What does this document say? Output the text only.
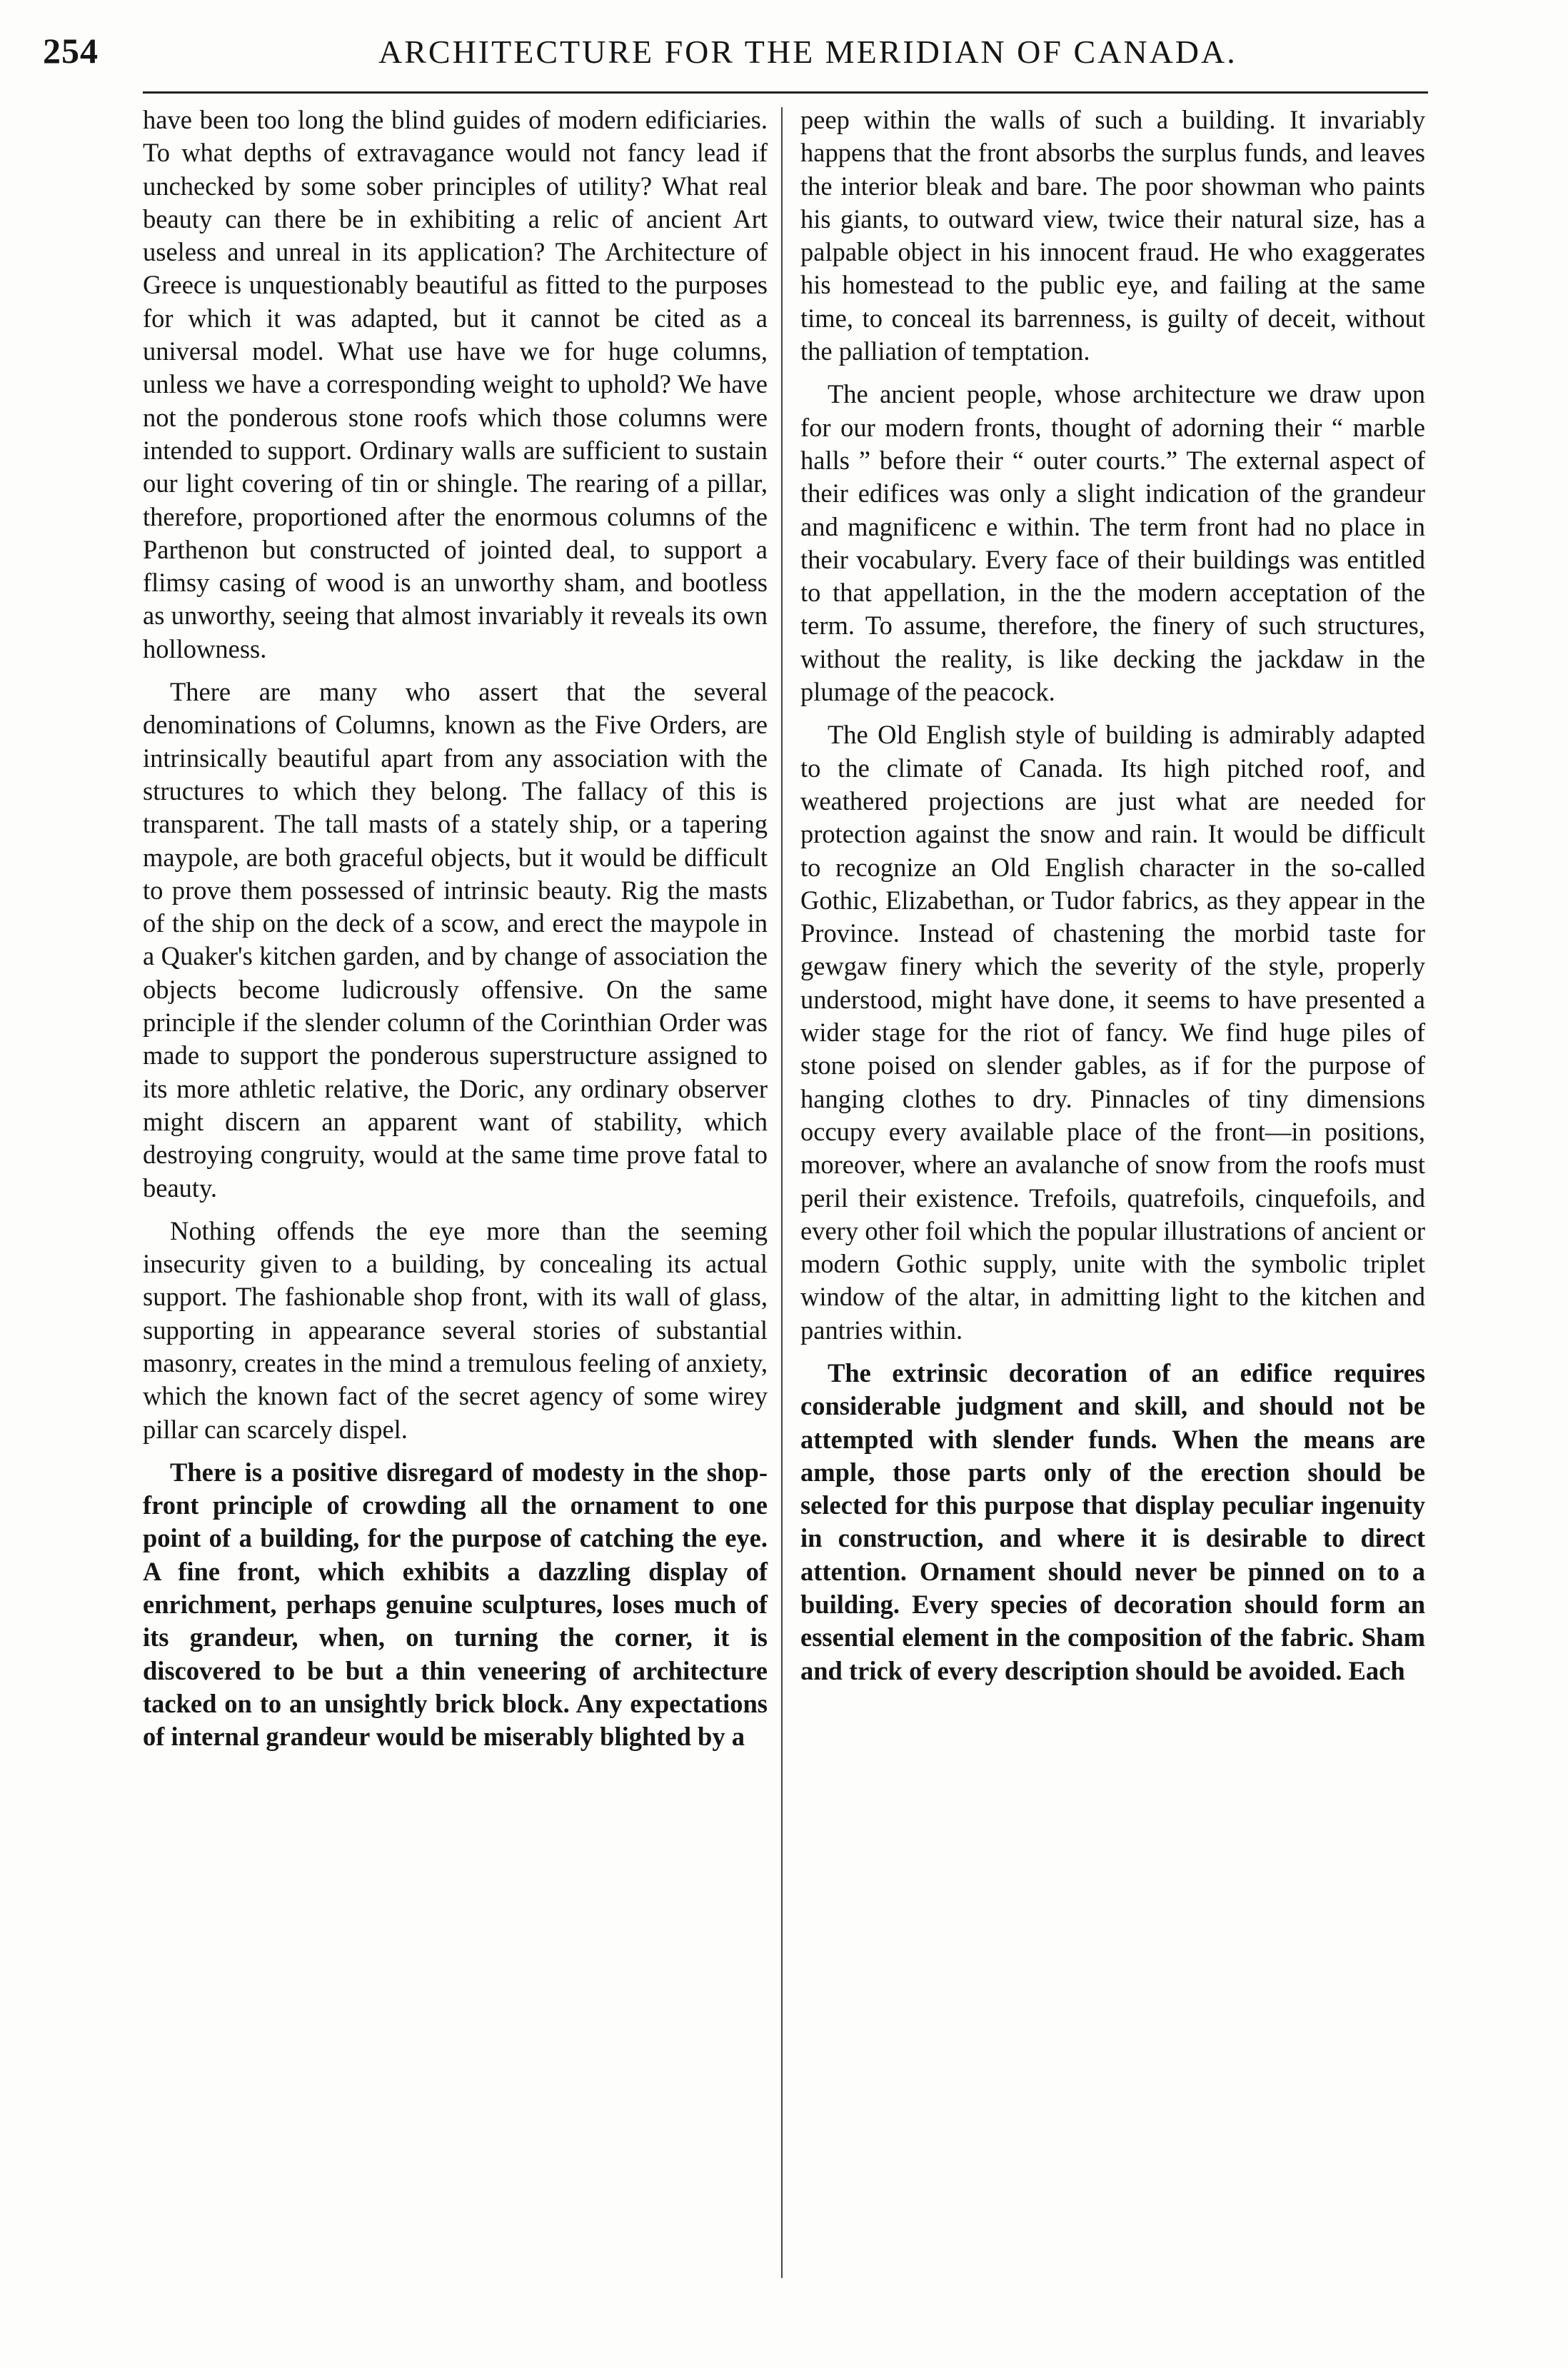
254	ARCHITECTURE FOR THE MERIDIAN OF CANADA.

have been too long the blind guides of modern edificiaries. To what depths of extravagance would not fancy lead if unchecked by some sober principles of utility? What real beauty can there be in exhibiting a relic of ancient Art useless and unreal in its application? The Architecture of Greece is unquestionably beautiful as fitted to the purposes for which it was adapted, but it cannot be cited as a universal model. What use have we for huge columns, unless we have a corresponding weight to uphold? We have not the ponderous stone roofs which those columns were intended to support. Ordinary walls are sufficient to sustain our light covering of tin or shingle. The rearing of a pillar, therefore, proportioned after the enormous columns of the Parthenon but constructed of jointed deal, to support a flimsy casing of wood is an unworthy sham, and bootless as unworthy, seeing that almost invariably it reveals its own hollowness.

There are many who assert that the several denominations of Columns, known as the Five Orders, are intrinsically beautiful apart from any association with the structures to which they belong. The fallacy of this is transparent. The tall masts of a stately ship, or a tapering maypole, are both graceful objects, but it would be difficult to prove them possessed of intrinsic beauty. Rig the masts of the ship on the deck of a scow, and erect the maypole in a Quaker's kitchen garden, and by change of association the objects become ludicrously offensive. On the same principle if the slender column of the Corinthian Order was made to support the ponderous superstructure assigned to its more athletic relative, the Doric, any ordinary observer might discern an apparent want of stability, which destroying congruity, would at the same time prove fatal to beauty.

Nothing offends the eye more than the seeming insecurity given to a building, by concealing its actual support. The fashionable shop front, with its wall of glass, supporting in appearance several stories of substantial masonry, creates in the mind a tremulous feeling of anxiety, which the known fact of the secret agency of some wirey pillar can scarcely dispel.

There is a positive disregard of modesty in the shop-front principle of crowding all the ornament to one point of a building, for the purpose of catching the eye. A fine front, which exhibits a dazzling display of enrichment, perhaps genuine sculptures, loses much of its grandeur, when, on turning the corner, it is discovered to be but a thin veneering of architecture tacked on to an unsightly brick block. Any expectations of internal grandeur would be miserably blighted by a

peep within the walls of such a building. It invariably happens that the front absorbs the surplus funds, and leaves the interior bleak and bare. The poor showman who paints his giants, to outward view, twice their natural size, has a palpable object in his innocent fraud. He who exaggerates his homestead to the public eye, and failing at the same time, to conceal its barrenness, is guilty of deceit, without the palliation of temptation.

The ancient people, whose architecture we draw upon for our modern fronts, thought of adorning their “ marble halls ” before their “ outer courts.” The external aspect of their edifices was only a slight indication of the grandeur and magnificenc e within. The term front had no place in their vocabulary. Every face of their buildings was entitled to that appellation, in the the modern acceptation of the term. To assume, therefore, the finery of such structures, without the reality, is like decking the jackdaw in the plumage of the peacock.

The Old English style of building is admirably adapted to the climate of Canada. Its high pitched roof, and weathered projections are just what are needed for protection against the snow and rain. It would be difficult to recognize an Old English character in the so-called Gothic, Elizabethan, or Tudor fabrics, as they appear in the Province. Instead of chastening the morbid taste for gewgaw finery which the severity of the style, properly understood, might have done, it seems to have presented a wider stage for the riot of fancy. We find huge piles of stone poised on slender gables, as if for the purpose of hanging clothes to dry. Pinnacles of tiny dimensions occupy every available place of the front—in positions, moreover, where an avalanche of snow from the roofs must peril their existence. Trefoils, quatrefoils, cinquefoils, and every other foil which the popular illustrations of ancient or modern Gothic supply, unite with the symbolic triplet window of the altar, in admitting light to the kitchen and pantries within.

The extrinsic decoration of an edifice requires considerable judgment and skill, and should not be attempted with slender funds. When the means are ample, those parts only of the erection should be selected for this purpose that display peculiar ingenuity in construction, and where it is desirable to direct attention. Ornament should never be pinned on to a building. Every species of decoration should form an essential element in the composition of the fabric. Sham and trick of every description should be avoided. Each
